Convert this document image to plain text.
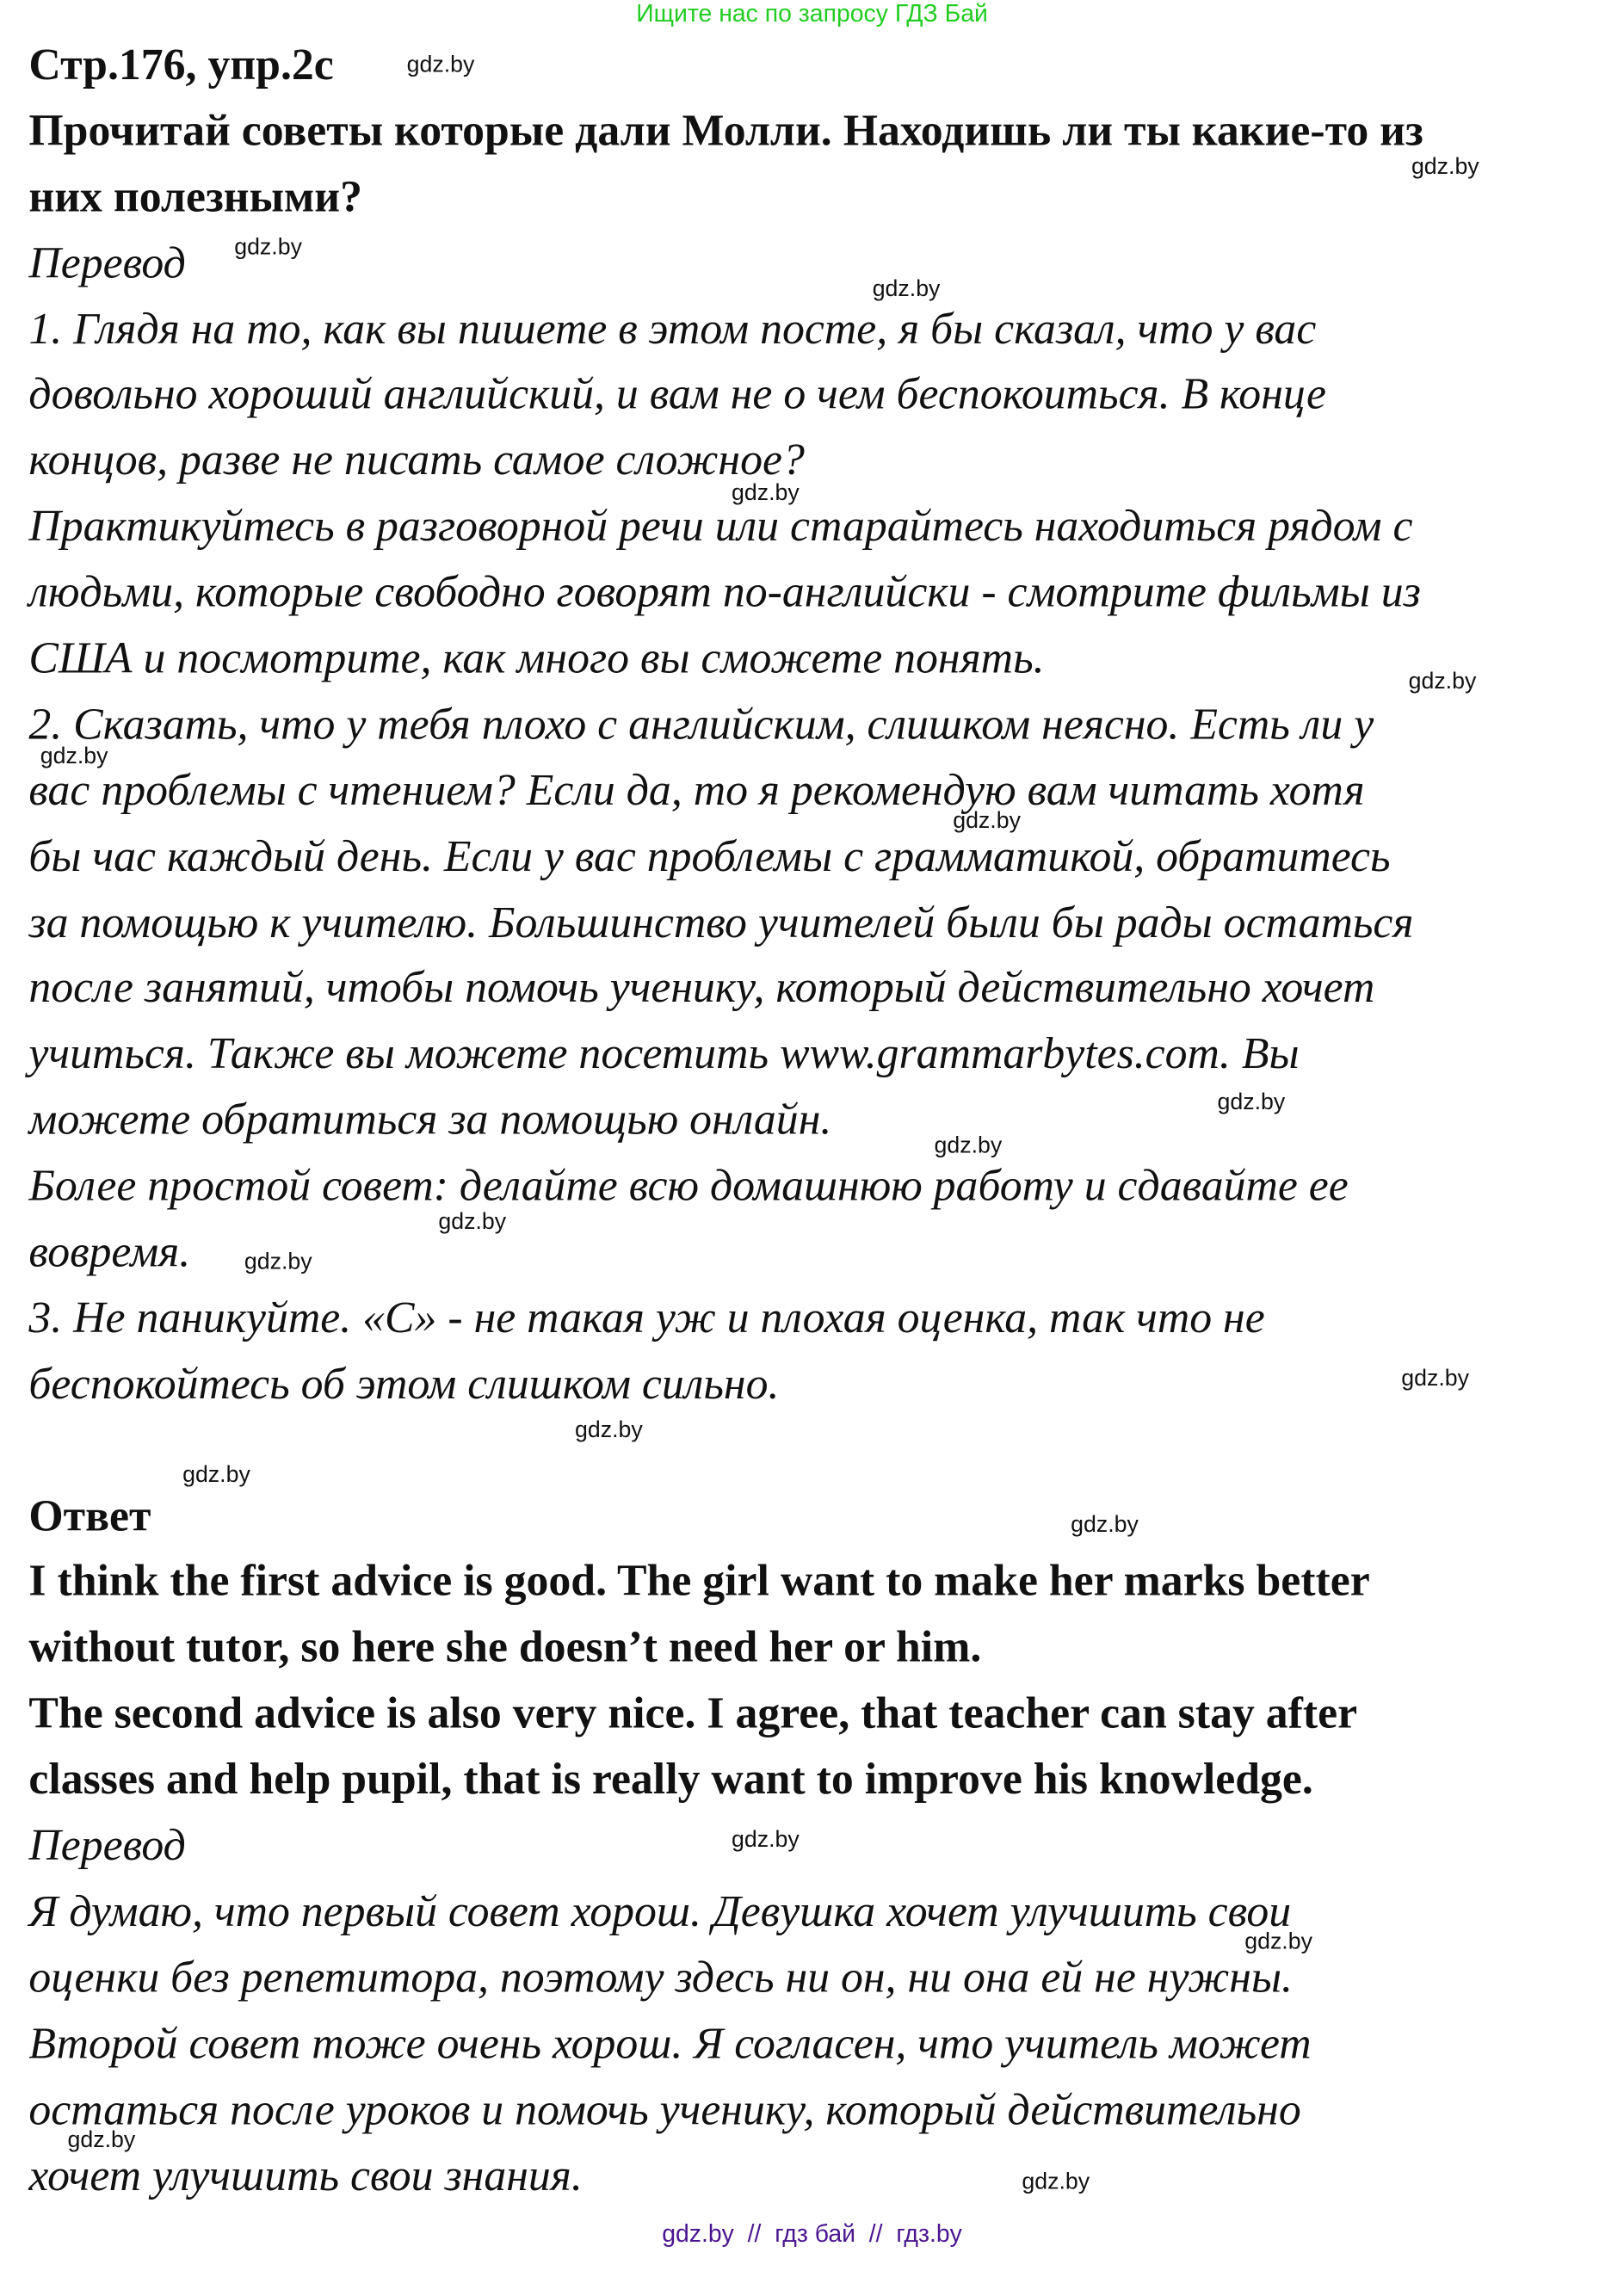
Ищите нас по запросу ГДЗ Бай
Стр.176, упр.2с
Прочитай советы которые дали Молли. Находишь ли ты какие-то из
них полезными?
Перевод
1. Глядя на то, как вы пишете в этом посте, я бы сказал, что у вас
довольно хороший английский, и вам не о чем беспокоиться. В конце
концов, разве не писать самое сложное?
Практикуйтесь в разговорной речи или старайтесь находиться рядом с
людьми, которые свободно говорят по-английски - смотрите фильмы из
США и посмотрите, как много вы сможете понять.
2. Сказать, что у тебя плохо с английским, слишком неясно. Есть ли у
вас проблемы с чтением? Если да, то я рекомендую вам читать хотя
бы час каждый день. Если у вас проблемы с грамматикой, обратитесь
за помощью к учителю. Большинство учителей были бы рады остаться
после занятий, чтобы помочь ученику, который действительно хочет
учиться. Также вы можете посетить www.grammarbytes.com. Вы
можете обратиться за помощью онлайн.
Более простой совет: делайте всю домашнюю работу и сдавайте ее
вовремя.
3. Не паникуйте. «С» - не такая уж и плохая оценка, так что не
беспокойтесь об этом слишком сильно.
Ответ
I think the first advice is good. The girl want to make her marks better
without tutor, so here she doesn’t need her or him.
The second advice is also very nice. I agree, that teacher can stay after
classes and help pupil, that is really want to improve his knowledge.
Перевод
Я думаю, что первый совет хорош. Девушка хочет улучшить свои
оценки без репетитора, поэтому здесь ни он, ни она ей не нужны.
Второй совет тоже очень хорош. Я согласен, что учитель может
остаться после уроков и помочь ученику, который действительно
хочет улучшить свои знания.
gdz.by
gdz.by
gdz.by
gdz.by
gdz.by
gdz.by
gdz.by
gdz.by
gdz.by
gdz.by
gdz.by
gdz.by
gdz.by
gdz.by
gdz.by
gdz.by
gdz.by
gdz.by
gdz.by
gdz.by
gdz.by  //  гдз бай  //  гдз.by
